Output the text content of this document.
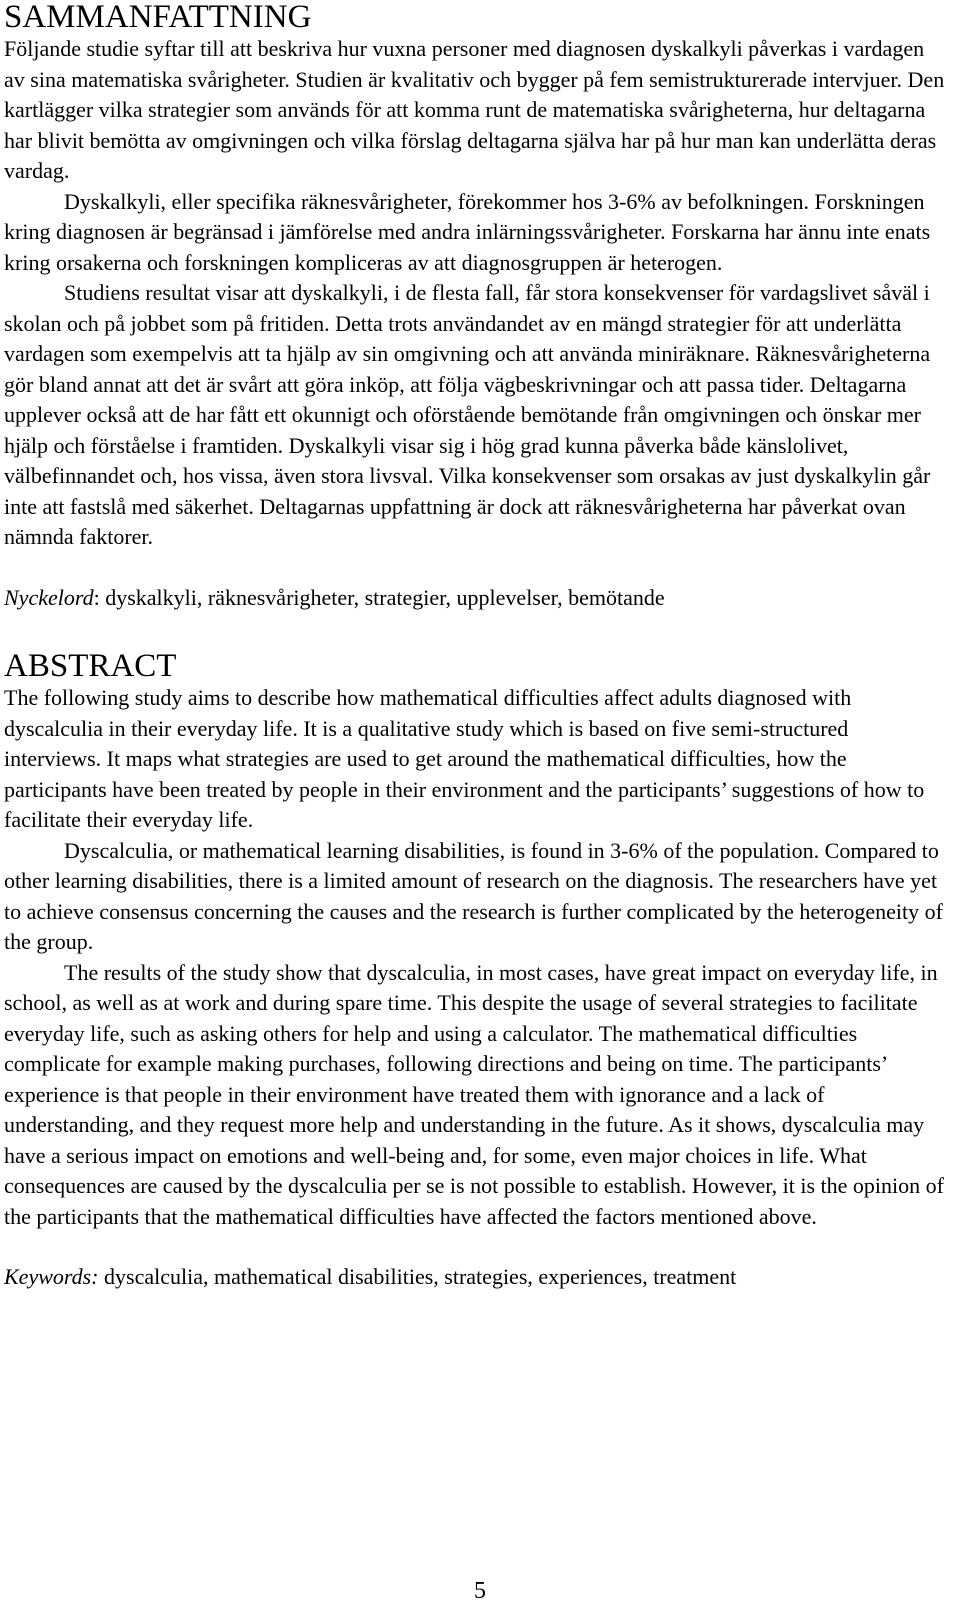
SAMMANFATTNING

Följande studie syftar till att beskriva hur vuxna personer med diagnosen dyskalkyli påverkas i vardagen av sina matematiska svårigheter. Studien är kvalitativ och bygger på fem semistrukturerade intervjuer. Den kartlägger vilka strategier som används för att komma runt de matematiska svårigheterna, hur deltagarna har blivit bemötta av omgivningen och vilka förslag deltagarna själva har på hur man kan underlätta deras vardag.

Dyskalkyli, eller specifika räknesvårigheter, förekommer hos 3-6% av befolkningen. Forskningen kring diagnosen är begränsad i jämförelse med andra inlärningssvårigheter. Forskarna har ännu inte enats kring orsakerna och forskningen kompliceras av att diagnosgruppen är heterogen.

Studiens resultat visar att dyskalkyli, i de flesta fall, får stora konsekvenser för vardagslivet såväl i skolan och på jobbet som på fritiden. Detta trots användandet av en mängd strategier för att underlätta vardagen som exempelvis att ta hjälp av sin omgivning och att använda miniräknare. Räknesvårigheterna gör bland annat att det är svårt att göra inköp, att följa vägbeskrivningar och att passa tider. Deltagarna upplever också att de har fått ett okunnigt och oförstående bemötande från omgivningen och önskar mer hjälp och förståelse i framtiden. Dyskalkyli visar sig i hög grad kunna påverka både känslolivet, välbefinnandet och, hos vissa, även stora livsval. Vilka konsekvenser som orsakas av just dyskalkylin går inte att fastslå med säkerhet. Deltagarnas uppfattning är dock att räknesvårigheterna har påverkat ovan nämnda faktorer.

Nyckelord: dyskalkyli, räknesvårigheter, strategier, upplevelser, bemötande

ABSTRACT

The following study aims to describe how mathematical difficulties affect adults diagnosed with dyscalculia in their everyday life. It is a qualitative study which is based on five semi-structured interviews. It maps what strategies are used to get around the mathematical difficulties, how the participants have been treated by people in their environment and the participants’ suggestions of how to facilitate their everyday life.

Dyscalculia, or mathematical learning disabilities, is found in 3-6% of the population. Compared to other learning disabilities, there is a limited amount of research on the diagnosis. The researchers have yet to achieve consensus concerning the causes and the research is further complicated by the heterogeneity of the group.

The results of the study show that dyscalculia, in most cases, have great impact on everyday life, in school, as well as at work and during spare time. This despite the usage of several strategies to facilitate everyday life, such as asking others for help and using a calculator. The mathematical difficulties complicate for example making purchases, following directions and being on time. The participants’ experience is that people in their environment have treated them with ignorance and a lack of understanding, and they request more help and understanding in the future. As it shows, dyscalculia may have a serious impact on emotions and well-being and, for some, even major choices in life. What consequences are caused by the dyscalculia per se is not possible to establish. However, it is the opinion of the participants that the mathematical difficulties have affected the factors mentioned above.

Keywords: dyscalculia, mathematical disabilities, strategies, experiences, treatment

5
